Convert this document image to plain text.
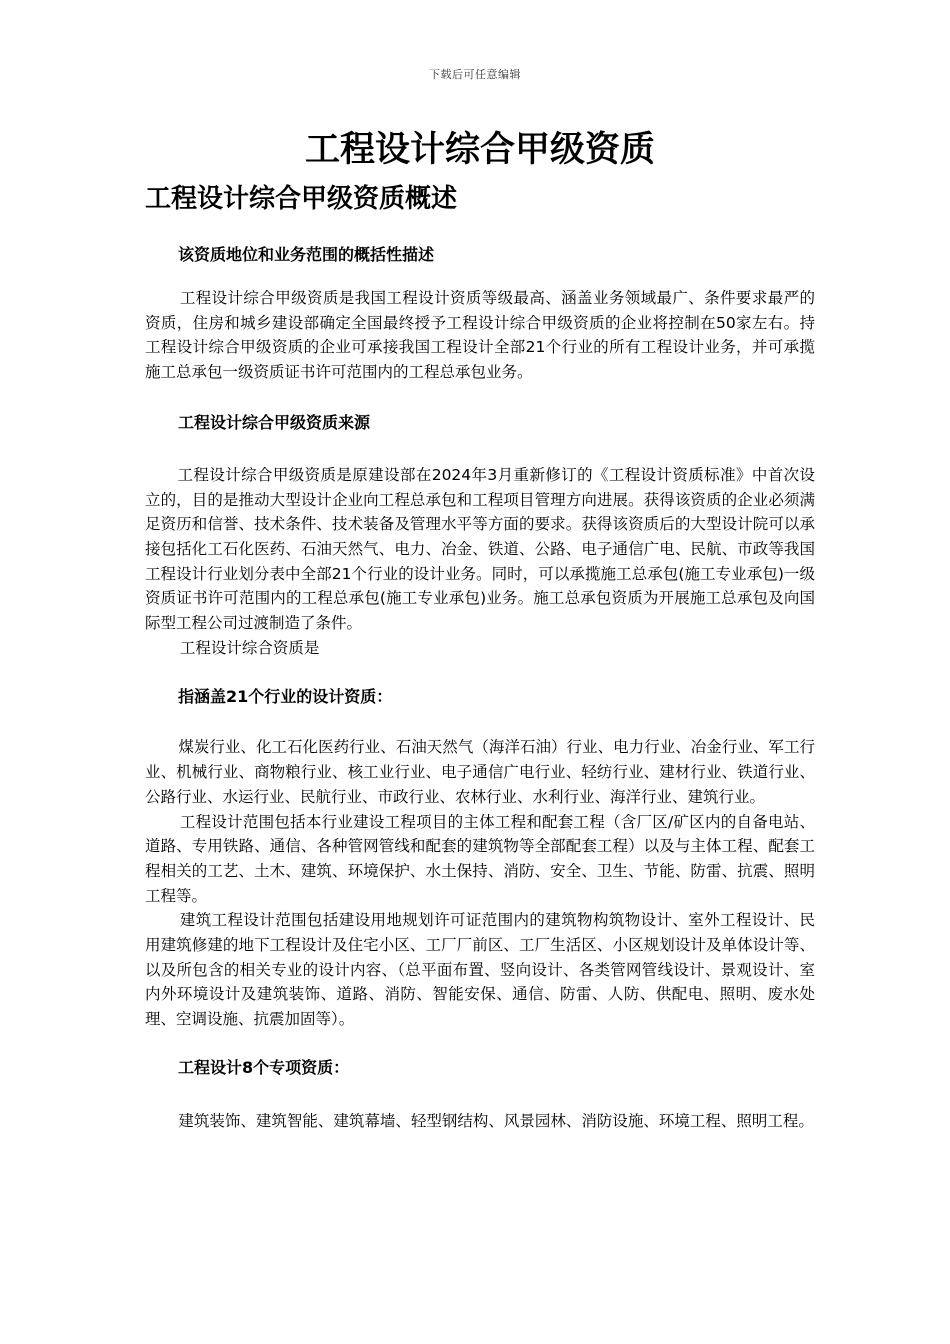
下载后可任意编辑
工程设计综合甲级资质
工程设计综合甲级资质概述
该资质地位和业务范围的概括性描述

工程设计综合甲级资质是我国工程设计资质等级最高、涵盖业务领域最广、条件要求最严的资质，住房和城乡建设部确定全国最终授予工程设计综合甲级资质的企业将控制在50家左右。持工程设计综合甲级资质的企业可承接我国工程设计全部21个行业的所有工程设计业务，并可承揽施工总承包一级资质证书许可范围内的工程总承包业务。

工程设计综合甲级资质来源

工程设计综合甲级资质是原建设部在2024年3月重新修订的《工程设计资质标准》中首次设立的，目的是推动大型设计企业向工程总承包和工程项目管理方向进展。获得该资质的企业必须满足资历和信誉、技术条件、技术装备及管理水平等方面的要求。获得该资质后的大型设计院可以承接包括化工石化医药、石油天然气、电力、冶金、铁道、公路、电子通信广电、民航、市政等我国工程设计行业划分表中全部21个行业的设计业务。同时，可以承揽施工总承包(施工专业承包)一级资质证书许可范围内的工程总承包(施工专业承包)业务。施工总承包资质为开展施工总承包及向国际型工程公司过渡制造了条件。

工程设计综合资质是

指涵盖21个行业的设计资质：

煤炭行业、化工石化医药行业、石油天然气（海洋石油）行业、电力行业、冶金行业、军工行业、机械行业、商物粮行业、核工业行业、电子通信广电行业、轻纺行业、建材行业、铁道行业、公路行业、水运行业、民航行业、市政行业、农林行业、水利行业、海洋行业、建筑行业。

工程设计范围包括本行业建设工程项目的主体工程和配套工程（含厂区/矿区内的自备电站、道路、专用铁路、通信、各种管网管线和配套的建筑物等全部配套工程）以及与主体工程、配套工程相关的工艺、土木、建筑、环境保护、水土保持、消防、安全、卫生、节能、防雷、抗震、照明工程等。

建筑工程设计范围包括建设用地规划许可证范围内的建筑物构筑物设计、室外工程设计、民用建筑修建的地下工程设计及住宅小区、工厂厂前区、工厂生活区、小区规划设计及单体设计等、以及所包含的相关专业的设计内容、（总平面布置、竖向设计、各类管网管线设计、景观设计、室内外环境设计及建筑装饰、道路、消防、智能安保、通信、防雷、人防、供配电、照明、废水处理、空调设施、抗震加固等）。

工程设计8个专项资质：

建筑装饰、建筑智能、建筑幕墙、轻型钢结构、风景园林、消防设施、环境工程、照明工程。
